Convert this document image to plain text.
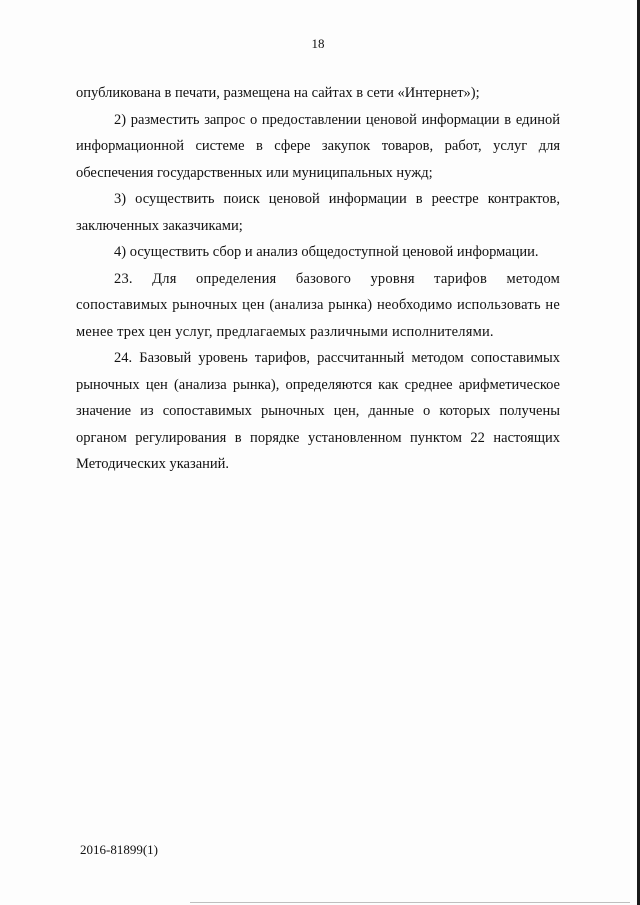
18

опубликована в печати, размещена на сайтах в сети «Интернет»);

2) разместить запрос о предоставлении ценовой информации в единой информационной системе в сфере закупок товаров, работ, услуг для обеспечения государственных или муниципальных нужд;

3) осуществить поиск ценовой информации в реестре контрактов, заключенных заказчиками;

4) осуществить сбор и анализ общедоступной ценовой информации.

23. Для определения базового уровня тарифов методом сопоставимых рыночных цен (анализа рынка) необходимо использовать не менее трех цен услуг, предлагаемых различными исполнителями.

24. Базовый уровень тарифов, рассчитанный методом сопоставимых рыночных цен (анализа рынка), определяются как среднее арифметическое значение из сопоставимых рыночных цен, данные о которых получены органом регулирования в порядке установленном пунктом 22 настоящих Методических указаний.

2016-81899(1)
